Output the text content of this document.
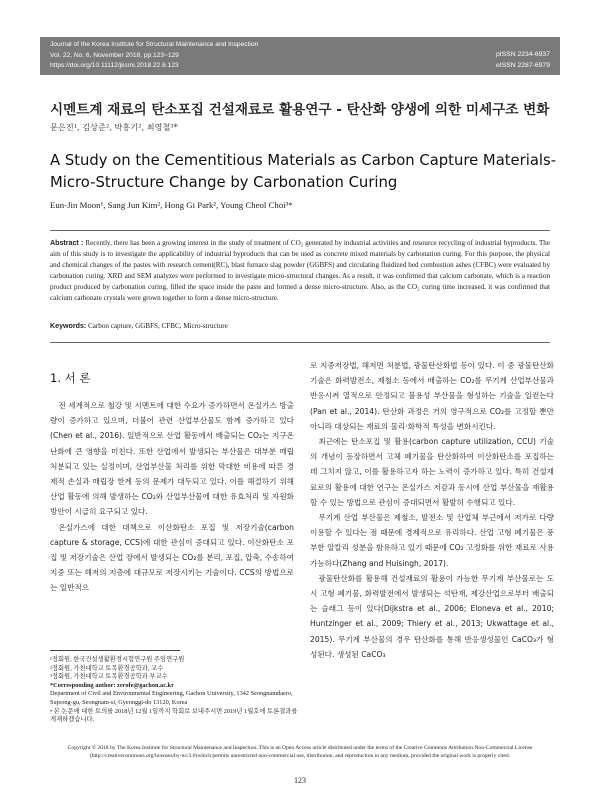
Journal of the Korea Institute for Structural Maintenance and Inspection
Vol. 22, No. 6, November 2018, pp.123~129
https://doi.org/10.11112/jksmi.2018.22.6.123
pISSN 2234-6937
eISSN 2287-6979
시멘트계 재료의 탄소포집 건설재료로 활용연구 - 탄산화 양생에 의한 미세구조 변화
문은진¹, 김상준², 박홍기², 최영철³*
A Study on the Cementitious Materials as Carbon Capture Materials-
Micro-Structure Change by Carbonation Curing
Eun-Jin Moon¹, Sang Jun Kim², Hong Gi Park², Young Cheol Choi³*
Abstract : Recently, there has been a growing interest in the study of treatment of CO₂ generated by industrial activities and resource recycling of industrial byproducts. The aim of this study is to investigate the applicability of industrial byproducts that can be used as concrete mixed materials by carbonation curing. For this purpose, the physical and chemical changes of the pastes with research cement(RC), blast furnace slag powder (GGBFS) and circulating fluidized bed combustion ashes (CFBC) were evaluated by carbonation curing. XRD and SEM analyzes were performed to investigate micro-structural changes. As a result, it was confirmed that calcium carbonate, which is a reaction product produced by carbonation curing, filled the space inside the paste and formed a dense micro-structure. Also, as the CO₂ curing time increased, it was confirmed that calcium carbonate crystals were grown together to form a dense micro-structure.
Keywords: Carbon capture, GGBFS, CFBC, Micro-structure
1. 서 론

전 세계적으로 철강 및 시멘트에 대한 수요가 증가하면서 온실가스 방출량이 증가하고 있으며, 더불어 관련 산업부산물도 함께 증가하고 있다(Chen et al., 2016). 일반적으로 산업 활동에서 배출되는 CO₂는 지구온난화에 큰 영향을 미친다. 또한 산업에서 발생되는 부산물은 대부분 매립 처분되고 있는 실정이며, 산업부산물 처리를 위한 막대한 비용에 따른 경제적 손실과 매립장 한계 등의 문제가 대두되고 있다. 이를 해결하기 위해 산업 활동에 의해 발생하는 CO₂와 산업부산물에 대한 유효처리 및 자원화 방안이 시급히 요구되고 있다.

온실가스에 대한 대책으로 이산화탄소 포집 및 저장기술(carbon capture & storage, CCS)에 대한 관심이 증대되고 있다. 이산화탄소 포집 및 저장기술은 산업 장에서 발생되는 CO₂를 분리, 포집, 압축, 수송하여 지중 또는 해저의 지층에 대규모로 저장시키는 기술이다. CCS의 방법으로는 일반적으

로 지중저장법, 해저면 처분법, 광물탄산화법 등이 있다. 이 중 광물탄산화 기술은 화력발전소, 제철소 등에서 배출하는 CO₂를 무기계 산업부산물과 반응시켜 열적으로 안정되고 불용성 부산물을 형성하는 기술을 일컫는다(Pan et al., 2014). 탄산화 과정은 거의 영구적으로 CO₂를 고정할 뿐만 아니라 대상되는 재료의 물리·화학적 특성을 변화시킨다.

최근에는 탄소포집 및 활용(carbon capture utilization, CCU) 기술의 개념이 등장하면서 고체 폐기물을 탄산화하여 이산화탄소를 포집하는데 그치지 않고, 이를 활용하고자 하는 노력이 증가하고 있다. 특히 건설재료로의 활용에 대한 연구는 온실가스 저감과 동시에 산업 부산물을 재활용 할 수 있는 방법으로 관심이 증대되면서 활발히 수행되고 있다.

무기계 산업 부산물은 제철소, 발전소 및 산업체 부근에서 저가로 다량 이용할 수 있다는 점 때문에 경제적으로 유리하다. 산업 고형 폐기물은 풍부한 알칼리 성분을 함유하고 있기 때문에 CO₂ 고정화를 위한 재료로 사용 가능하다(Zhang and Huisingh, 2017).

광물탄산화를 활용해 건설재료의 활용이 가능한 무기계 부산물로는 도시 고형 폐기물, 화력발전에서 발생되는 석탄재, 제강산업으로부터 배출되는 슬래그 등이 있다(Dijkstra et al., 2006; Eloneva et al., 2010; Huntzinger et al., 2009; Thiery et al., 2013; Ukwattage et al., 2015). 무기계 부산물의 경우 탄산화를 통해 반응생성물인 CaCO₃가 형성된다. 생성된 CaCO₃

¹정회원, 한국건설생활환경시험연구원 주임연구원
²정회원, 가천대학교 토목환경공학과, 교수
³정회원, 가천대학교 토목환경공학과 부교수
*Corresponding author: zerofe@gachon.ac.kr
Department of Civil and Environmental Engineering, Gachon University, 1342 Seongnamdaero, Sujeong-gu, Seongnam-si, Gyeonggi-do 13120, Korea
• 본 논문에 대한 토의를 2018년 12월 1일까지 학회로 보내주시면 2019년 1월호에 토론결과를 게재하겠습니다.
Copyright © 2018 by The Korea Institute for Structural Maintenance and Inspection. This is an Open Access article distributed under the terms of the Creative Commons Attribution Non-Commercial License (http://creativecommons.org/licenses/by-nc/3.0)which permits unrestricted non-commercial use, distribution, and reproduction in any medium, provided the original work is properly cited.
123
